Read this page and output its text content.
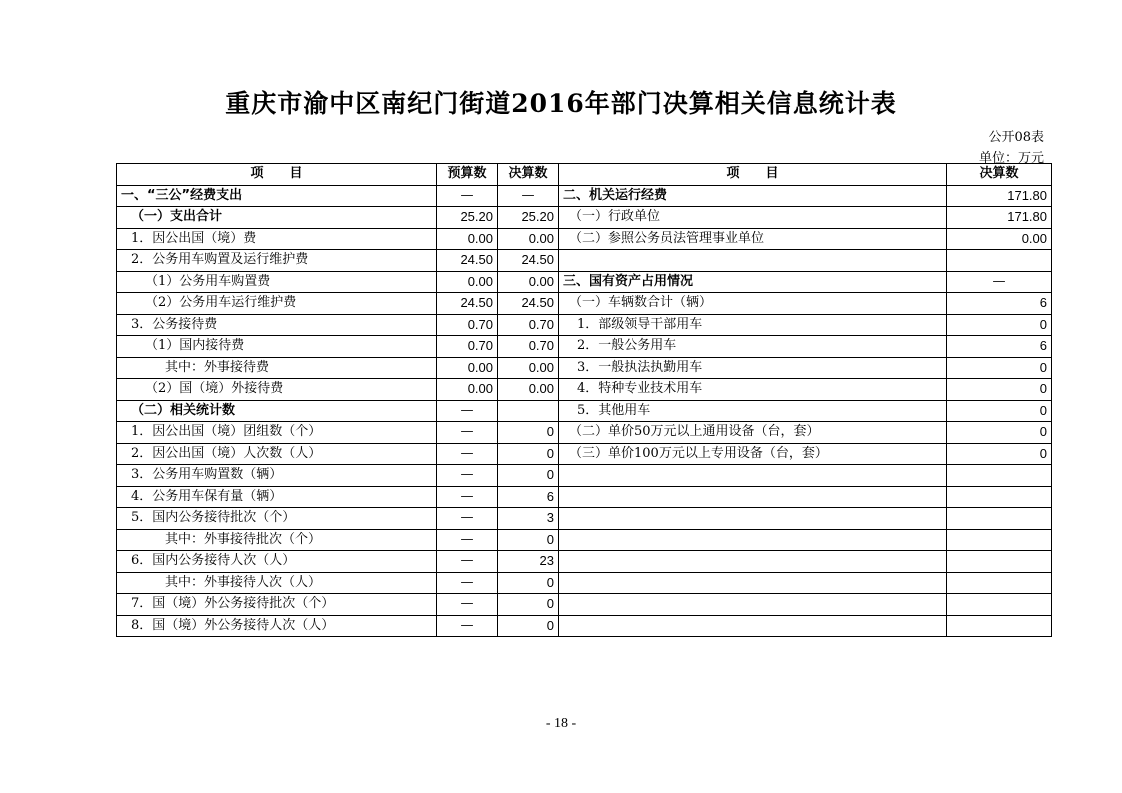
重庆市渝中区南纪门街道2016年部门决算相关信息统计表
公开08表
单位：万元
项　　目	预算数	决算数	项　　目	决算数
一、“三公”经费支出	—	—	二、机关运行经费	171.80
（一）支出合计	25.20	25.20	（一）行政单位	171.80
1．因公出国（境）费	0.00	0.00	（二）参照公务员法管理事业单位	0.00
2．公务用车购置及运行维护费	24.50	24.50		
（1）公务用车购置费	0.00	0.00	三、国有资产占用情况	—
（2）公务用车运行维护费	24.50	24.50	（一）车辆数合计（辆）	6
3．公务接待费	0.70	0.70	1．部级领导干部用车	0
（1）国内接待费	0.70	0.70	2．一般公务用车	6
其中：外事接待费	0.00	0.00	3．一般执法执勤用车	0
（2）国（境）外接待费	0.00	0.00	4．特种专业技术用车	0
（二）相关统计数	—		5．其他用车	0
1．因公出国（境）团组数（个）	—	0	（二）单价50万元以上通用设备（台，套）	0
2．因公出国（境）人次数（人）	—	0	（三）单价100万元以上专用设备（台，套）	0
3．公务用车购置数（辆）	—	0		
4．公务用车保有量（辆）	—	6		
5．国内公务接待批次（个）	—	3		
其中：外事接待批次（个）	—	0		
6．国内公务接待人次（人）	—	23		
其中：外事接待人次（人）	—	0		
7．国（境）外公务接待批次（个）	—	0		
8．国（境）外公务接待人次（人）	—	0		
- 18 -
